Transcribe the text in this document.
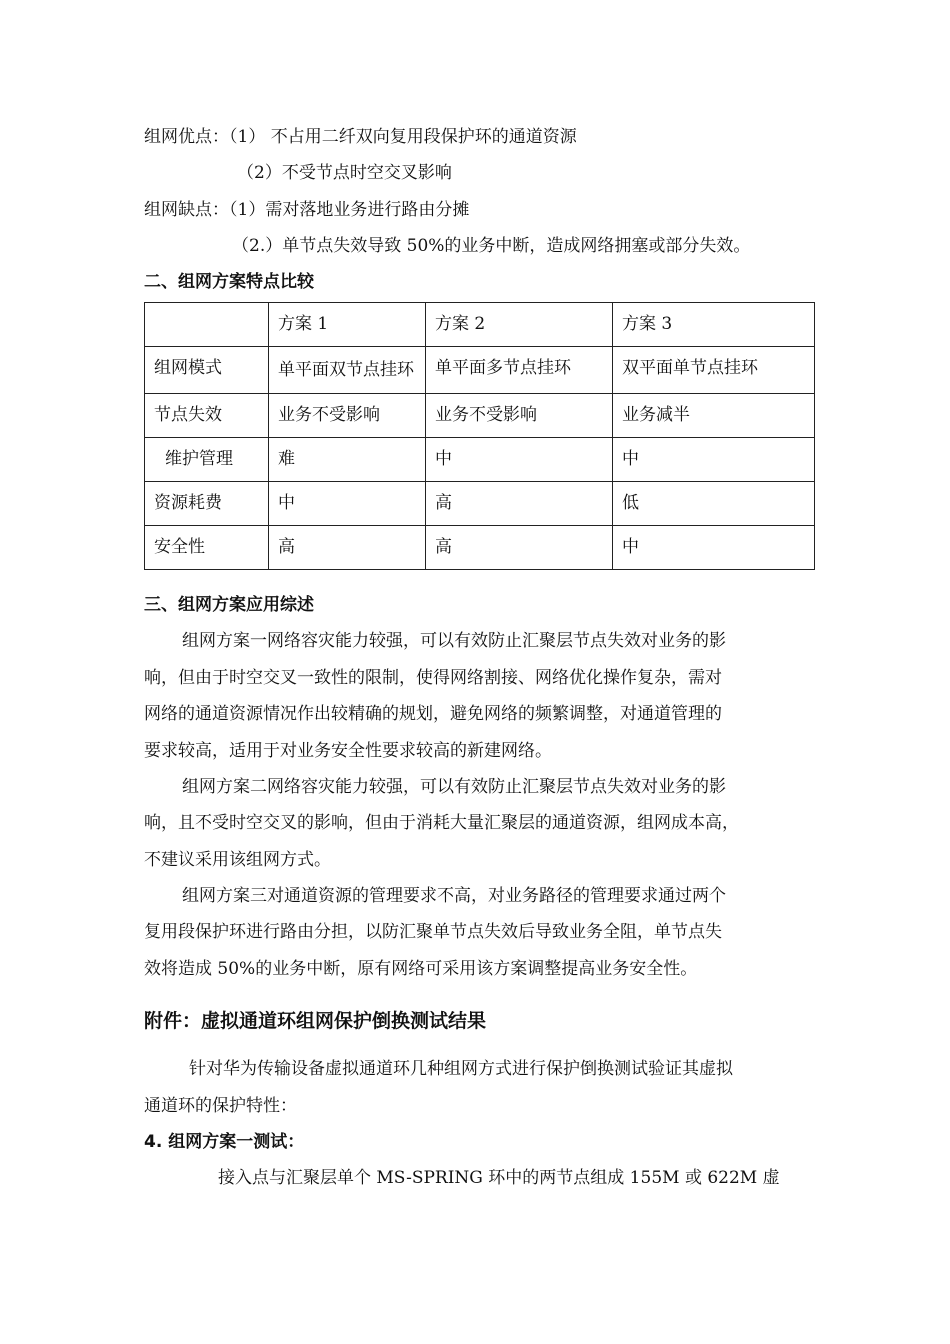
组网优点：（1） 不占用二纤双向复用段保护环的通道资源
（2）不受节点时空交叉影响
组网缺点：（1）需对落地业务进行路由分摊
（2.）单节点失效导致 50%的业务中断，造成网络拥塞或部分失效。
二、组网方案特点比较
	方案 1	方案 2	方案 3
组网模式	单平面双节点挂环	单平面多节点挂环	双平面单节点挂环
节点失效	业务不受影响	业务不受影响	业务减半
维护管理	难	中	中
资源耗费	中	高	低
安全性	高	高	中
三、组网方案应用综述
组网方案一网络容灾能力较强，可以有效防止汇聚层节点失效对业务的影
响，但由于时空交叉一致性的限制，使得网络割接、网络优化操作复杂，需对
网络的通道资源情况作出较精确的规划，避免网络的频繁调整，对通道管理的
要求较高，适用于对业务安全性要求较高的新建网络。
组网方案二网络容灾能力较强，可以有效防止汇聚层节点失效对业务的影
响，且不受时空交叉的影响，但由于消耗大量汇聚层的通道资源，组网成本高，
不建议采用该组网方式。
组网方案三对通道资源的管理要求不高，对业务路径的管理要求通过两个
复用段保护环进行路由分担，以防汇聚单节点失效后导致业务全阻，单节点失
效将造成 50%的业务中断，原有网络可采用该方案调整提高业务安全性。
附件：虚拟通道环组网保护倒换测试结果
针对华为传输设备虚拟通道环几种组网方式进行保护倒换测试验证其虚拟
通道环的保护特性：
4. 组网方案一测试：
接入点与汇聚层单个 MS-SPRING 环中的两节点组成 155M 或 622M 虚
